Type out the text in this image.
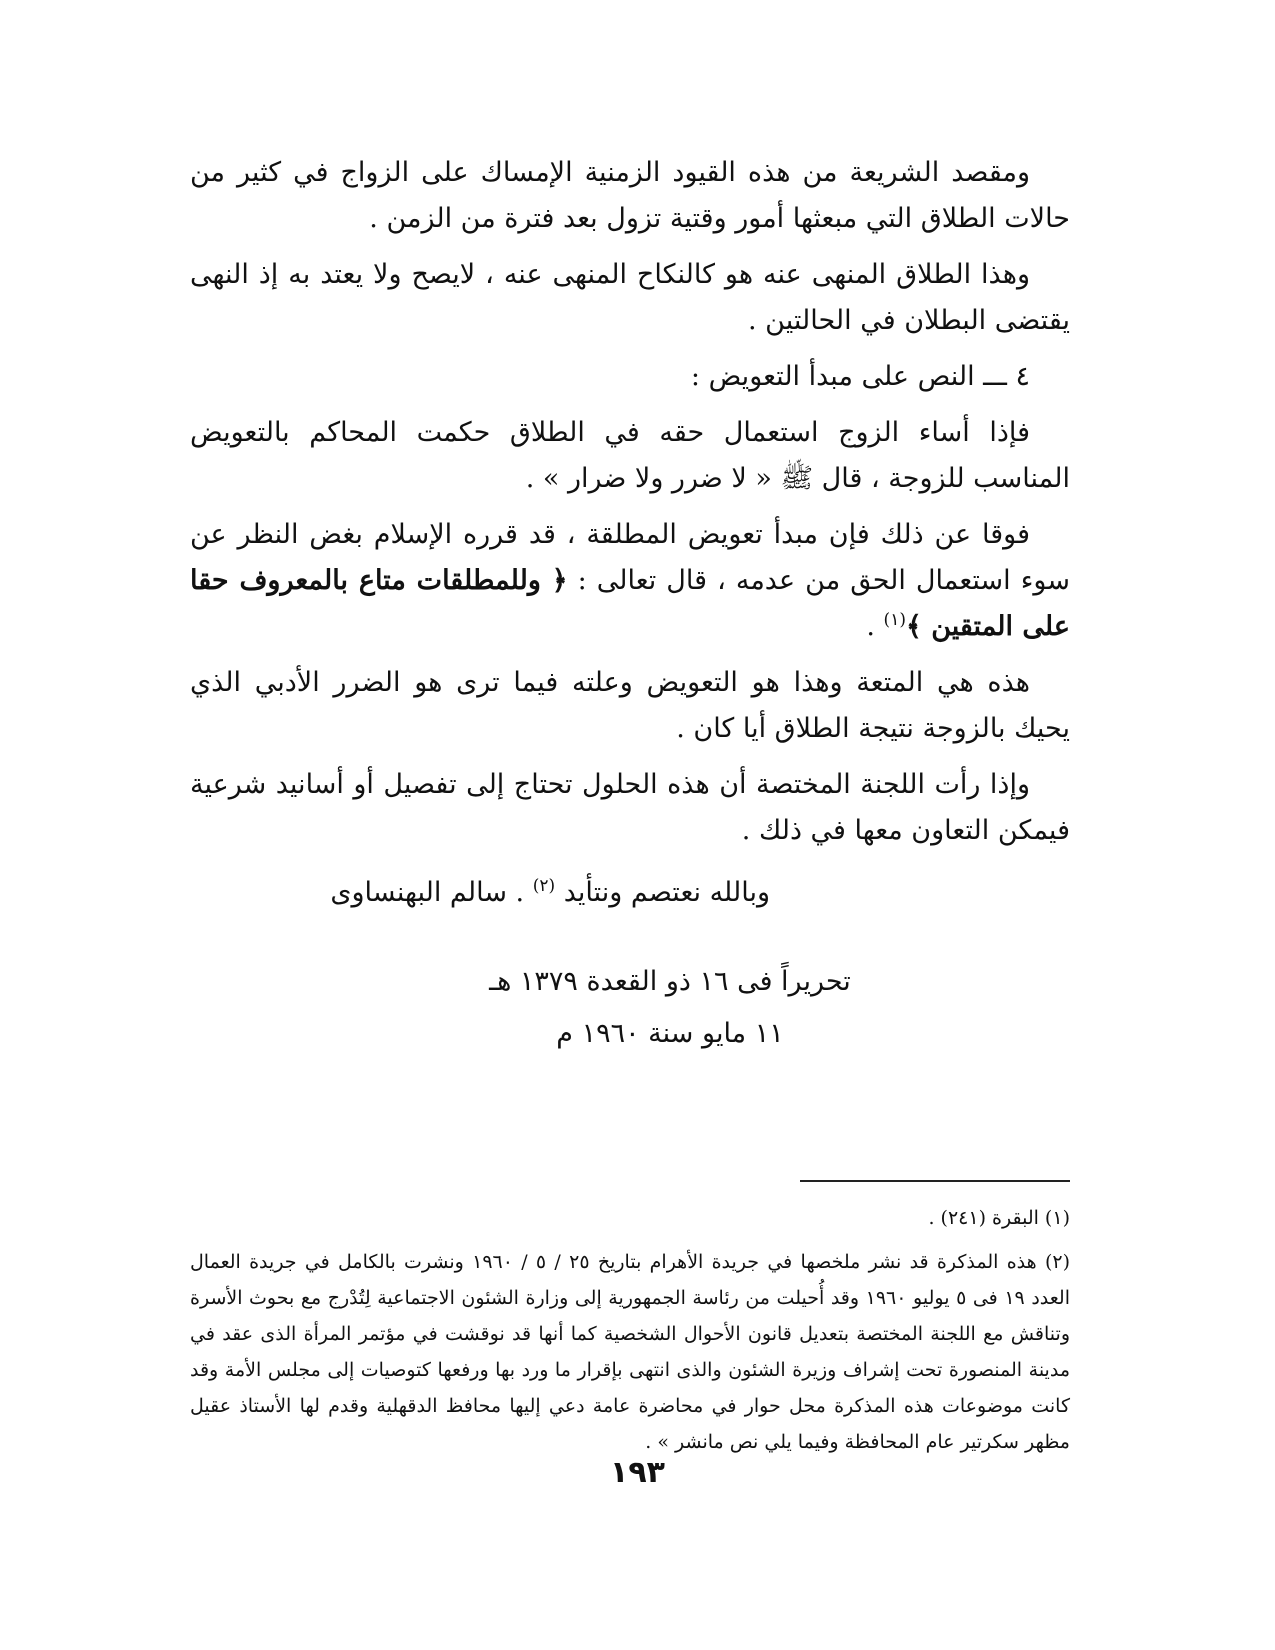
ومقصد الشريعة من هذه القيود الزمنية الإمساك على الزواج في كثير من حالات الطلاق التي مبعثها أمور وقتية تزول بعد فترة من الزمن .

وهذا الطلاق المنهى عنه هو كالنكاح المنهى عنه ، لايصح ولا يعتد به إذ النهى يقتضى البطلان في الحالتين .

٤ ـــ النص على مبدأ التعويض :

فإذا أساء الزوج استعمال حقه في الطلاق حكمت المحاكم بالتعويض المناسب للزوجة ، قال ﷺ « لا ضرر ولا ضرار » .

فوقا عن ذلك فإن مبدأ تعويض المطلقة ، قد قرره الإسلام بغض النظر عن سوء استعمال الحق من عدمه ، قال تعالى : ﴿ وللمطلقات متاع بالمعروف حقا على المتقين ﴾$^{(١)}$ .

هذه هي المتعة وهذا هو التعويض وعلته فيما ترى هو الضرر الأدبي الذي يحيك بالزوجة نتيجة الطلاق أيا كان .

وإذا رأت اللجنة المختصة أن هذه الحلول تحتاج إلى تفصيل أو أسانيد شرعية فيمكن التعاون معها في ذلك .

وبالله نعتصم ونتأيد $^{(٢)}$ . سالم البهنساوى

تحريراً فى ١٦ ذو القعدة ١٣٧٩ هـ
١١ مايو سنة ١٩٦٠ م

(١) البقرة (٢٤١) .

(٢) هذه المذكرة قد نشر ملخصها في جريدة الأهرام بتاريخ ٢٥ / ٥ / ١٩٦٠ ونشرت بالكامل في جريدة العمال العدد ١٩ فى ٥ يوليو ١٩٦٠ وقد أُحيلت من رئاسة الجمهورية إلى وزارة الشئون الاجتماعية لِتُدْرج مع بحوث الأسرة وتناقش مع اللجنة المختصة بتعديل قانون الأحوال الشخصية كما أنها قد نوقشت في مؤتمر المرأة الذى عقد في مدينة المنصورة تحت إشراف وزيرة الشئون والذى انتهى بإقرار ما ورد بها ورفعها كتوصيات إلى مجلس الأمة وقد كانت موضوعات هذه المذكرة محل حوار في محاضرة عامة دعي إليها محافظ الدقهلية وقدم لها الأستاذ عقيل مظهر سكرتير عام المحافظة وفيما يلي نص مانشر » .

١٩٣
